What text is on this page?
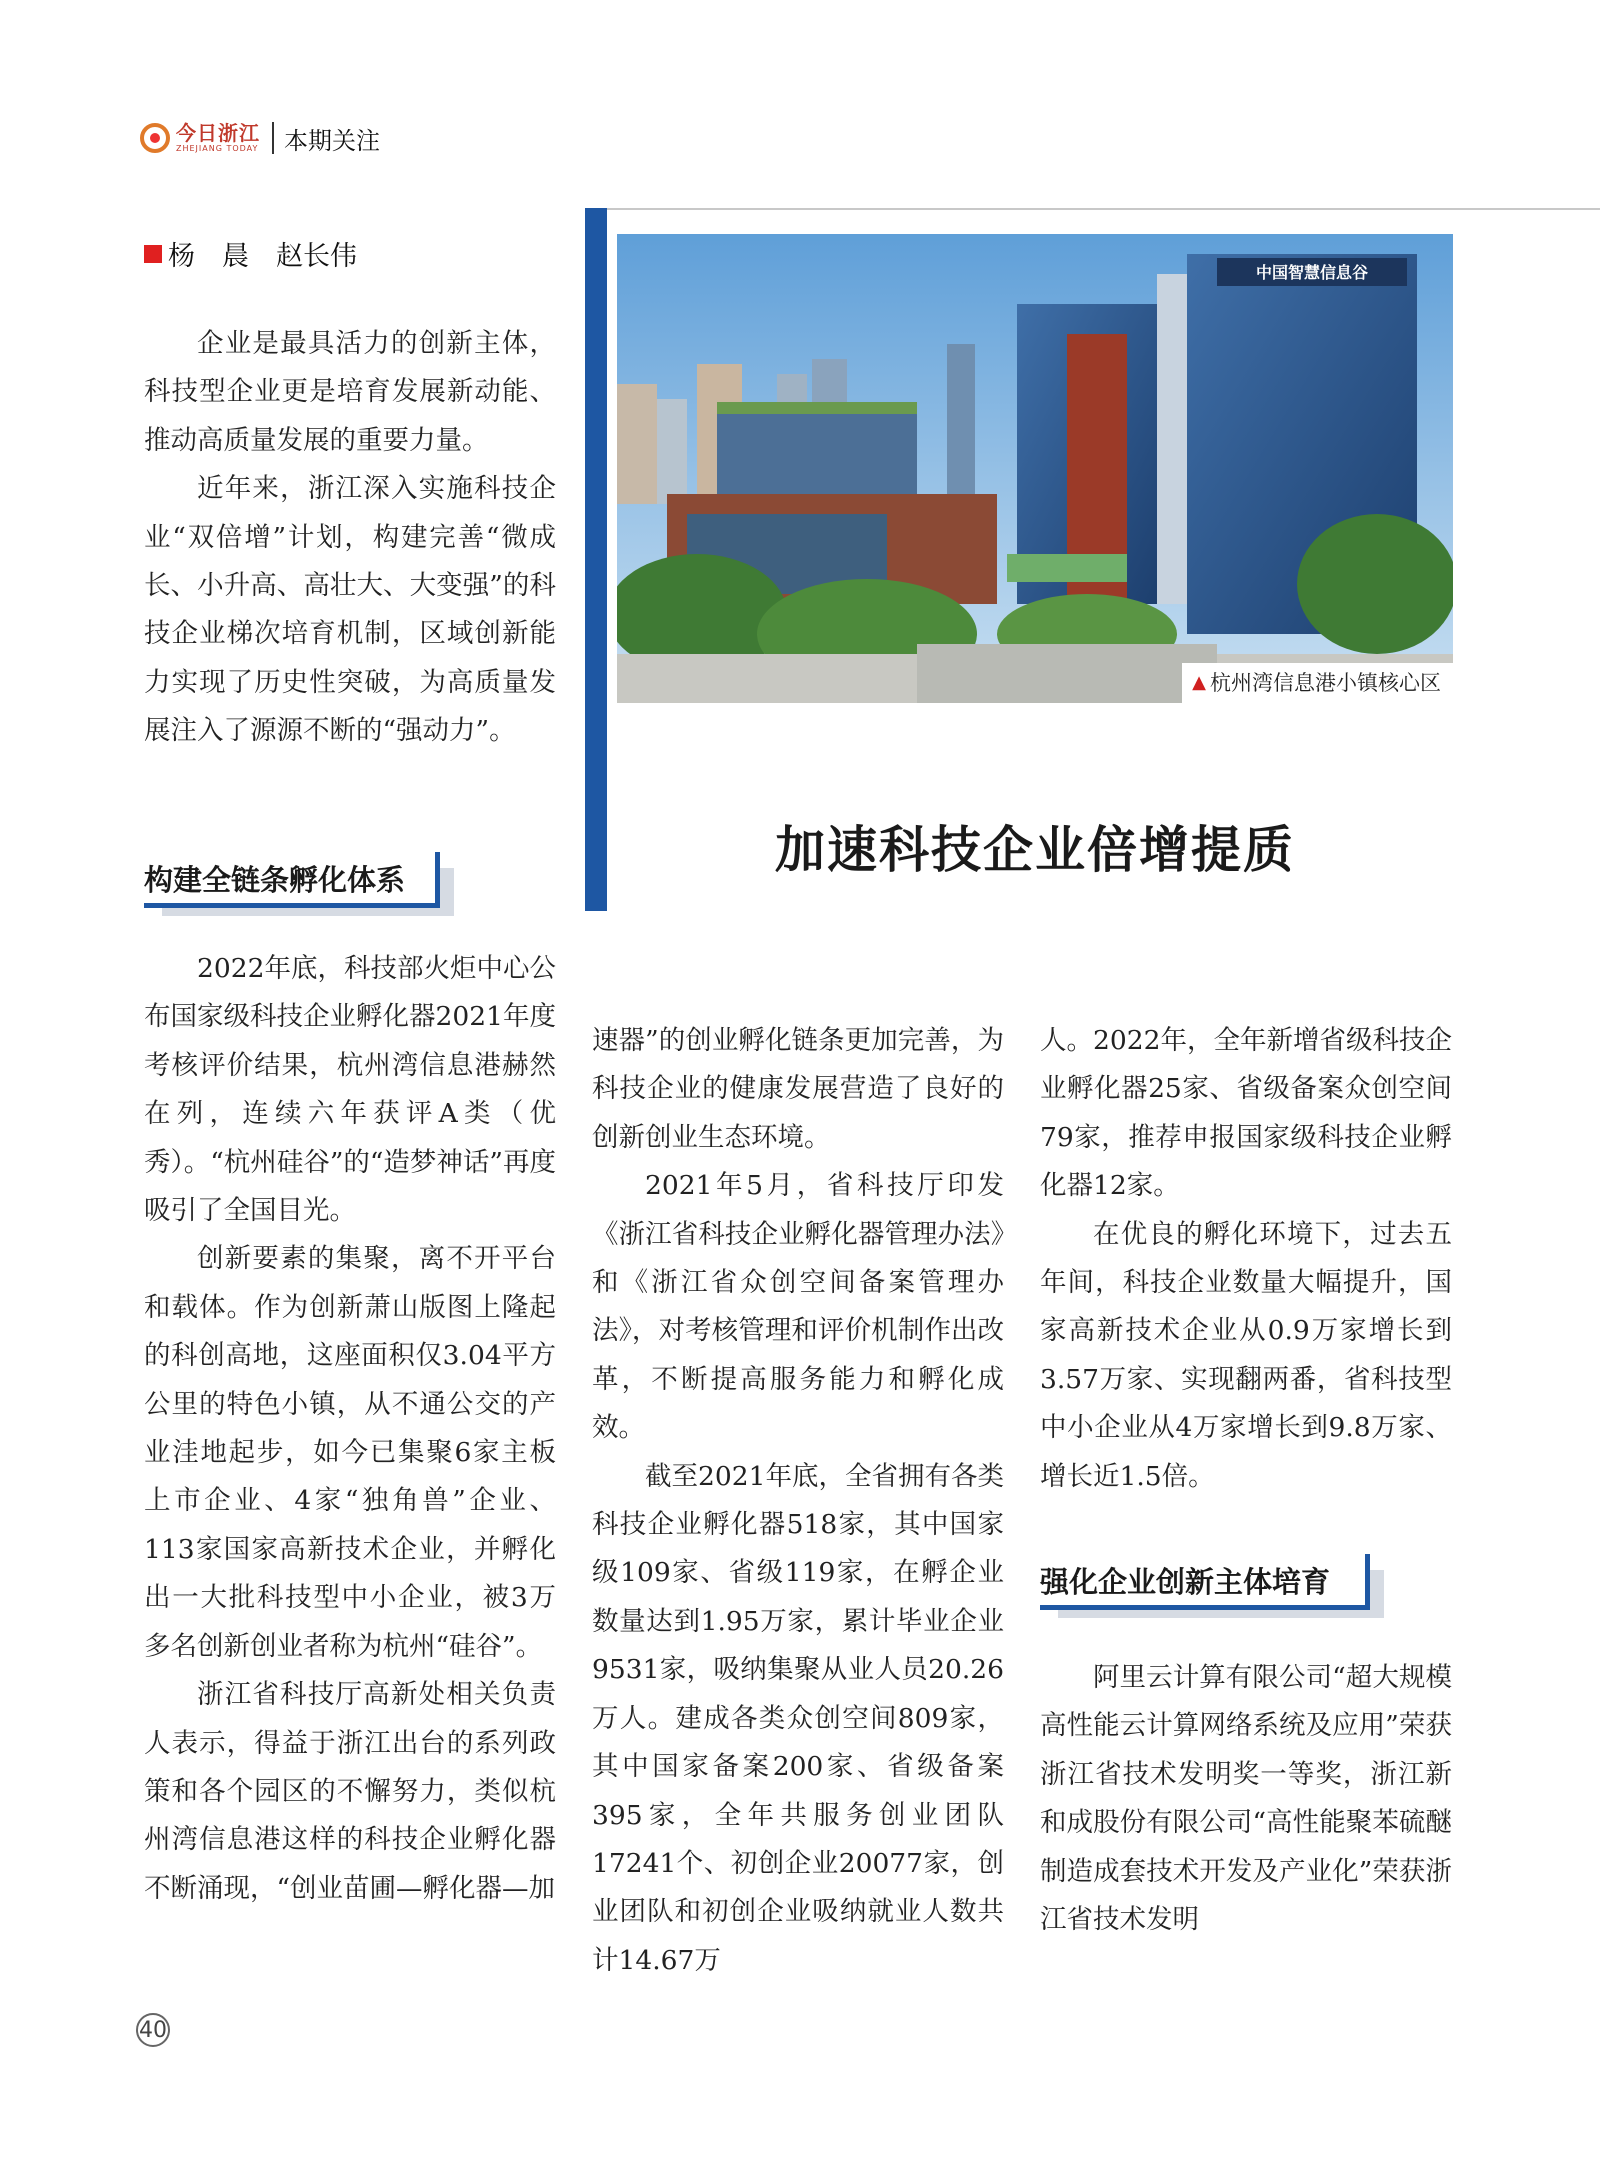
今日浙江
ZHEJIANG TODAY 本期关注
杨　晨　赵长伟
中国智慧信息谷
▲ 杭州湾信息港小镇核心区
加速科技企业倍增提质

企业是最具活力的创新主体，科技型企业更是培育发展新动能、推动高质量发展的重要力量。

近年来，浙江深入实施科技企业“双倍增”计划，构建完善“微成长、小升高、高壮大、大变强”的科技企业梯次培育机制，区域创新能力实现了历史性突破，为高质量发展注入了源源不断的“强动力”。

构建全链条孵化体系

2022年底，科技部火炬中心公布国家级科技企业孵化器2021年度考核评价结果，杭州湾信息港赫然在列，连续六年获评A类（优秀）。“杭州硅谷”的“造梦神话”再度吸引了全国目光。

创新要素的集聚，离不开平台和载体。作为创新萧山版图上隆起的科创高地，这座面积仅3.04平方公里的特色小镇，从不通公交的产业洼地起步，如今已集聚6家主板上市企业、4家“独角兽”企业、113家国家高新技术企业，并孵化出一大批科技型中小企业，被3万多名创新创业者称为杭州“硅谷”。

浙江省科技厅高新处相关负责人表示，得益于浙江出台的系列政策和各个园区的不懈努力，类似杭州湾信息港这样的科技企业孵化器不断涌现，“创业苗圃—孵化器—加

速器”的创业孵化链条更加完善，为科技企业的健康发展营造了良好的创新创业生态环境。

2021年5月，省科技厅印发《浙江省科技企业孵化器管理办法》和《浙江省众创空间备案管理办法》，对考核管理和评价机制作出改革，不断提高服务能力和孵化成效。

截至2021年底，全省拥有各类科技企业孵化器518家，其中国家级109家、省级119家，在孵企业数量达到1.95万家，累计毕业企业9531家，吸纳集聚从业人员20.26万人。建成各类众创空间809家，其中国家备案200家、省级备案395家，全年共服务创业团队17241个、初创企业20077家，创业团队和初创企业吸纳就业人数共计14.67万

人。2022年，全年新增省级科技企业孵化器25家、省级备案众创空间79家，推荐申报国家级科技企业孵化器12家。

在优良的孵化环境下，过去五年间，科技企业数量大幅提升，国家高新技术企业从0.9万家增长到3.57万家、实现翻两番，省科技型中小企业从4万家增长到9.8万家、增长近1.5倍。

强化企业创新主体培育

阿里云计算有限公司“超大规模高性能云计算网络系统及应用”荣获浙江省技术发明奖一等奖，浙江新和成股份有限公司“高性能聚苯硫醚制造成套技术开发及产业化”荣获浙江省技术发明

40
